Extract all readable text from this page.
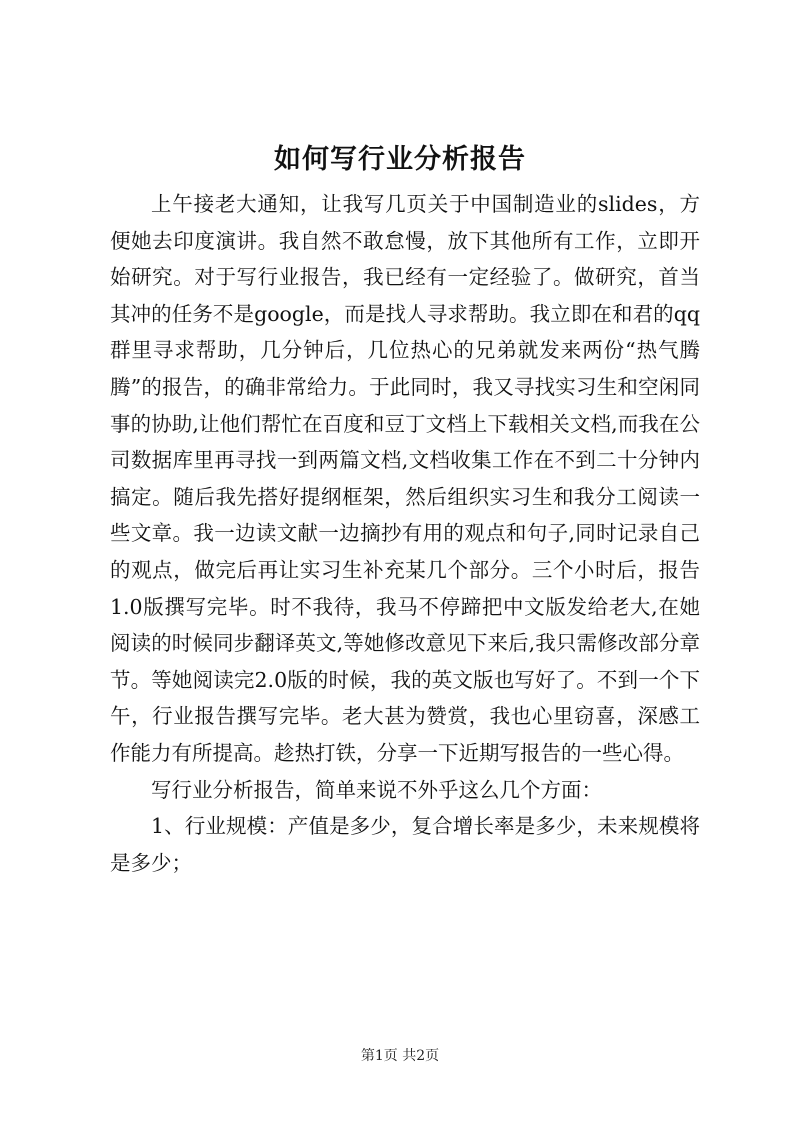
如何写行业分析报告

上午接老大通知，让我写几页关于中国制造业的slides，方便她去印度演讲。我自然不敢怠慢，放下其他所有工作，立即开始研究。对于写行业报告，我已经有一定经验了。做研究，首当其冲的任务不是google，而是找人寻求帮助。我立即在和君的qq群里寻求帮助，几分钟后，几位热心的兄弟就发来两份“热气腾腾”的报告，的确非常给力。于此同时，我又寻找实习生和空闲同事的协助,让他们帮忙在百度和豆丁文档上下载相关文档,而我在公司数据库里再寻找一到两篇文档,文档收集工作在不到二十分钟内搞定。随后我先搭好提纲框架，然后组织实习生和我分工阅读一些文章。我一边读文献一边摘抄有用的观点和句子,同时记录自己的观点，做完后再让实习生补充某几个部分。三个小时后，报告1.0版撰写完毕。时不我待，我马不停蹄把中文版发给老大,在她阅读的时候同步翻译英文,等她修改意见下来后,我只需修改部分章节。等她阅读完2.0版的时候，我的英文版也写好了。不到一个下午，行业报告撰写完毕。老大甚为赞赏，我也心里窃喜，深感工作能力有所提高。趁热打铁，分享一下近期写报告的一些心得。

写行业分析报告，简单来说不外乎这么几个方面：

1、行业规模：产值是多少，复合增长率是多少，未来规模将是多少；

第1页 共2页
